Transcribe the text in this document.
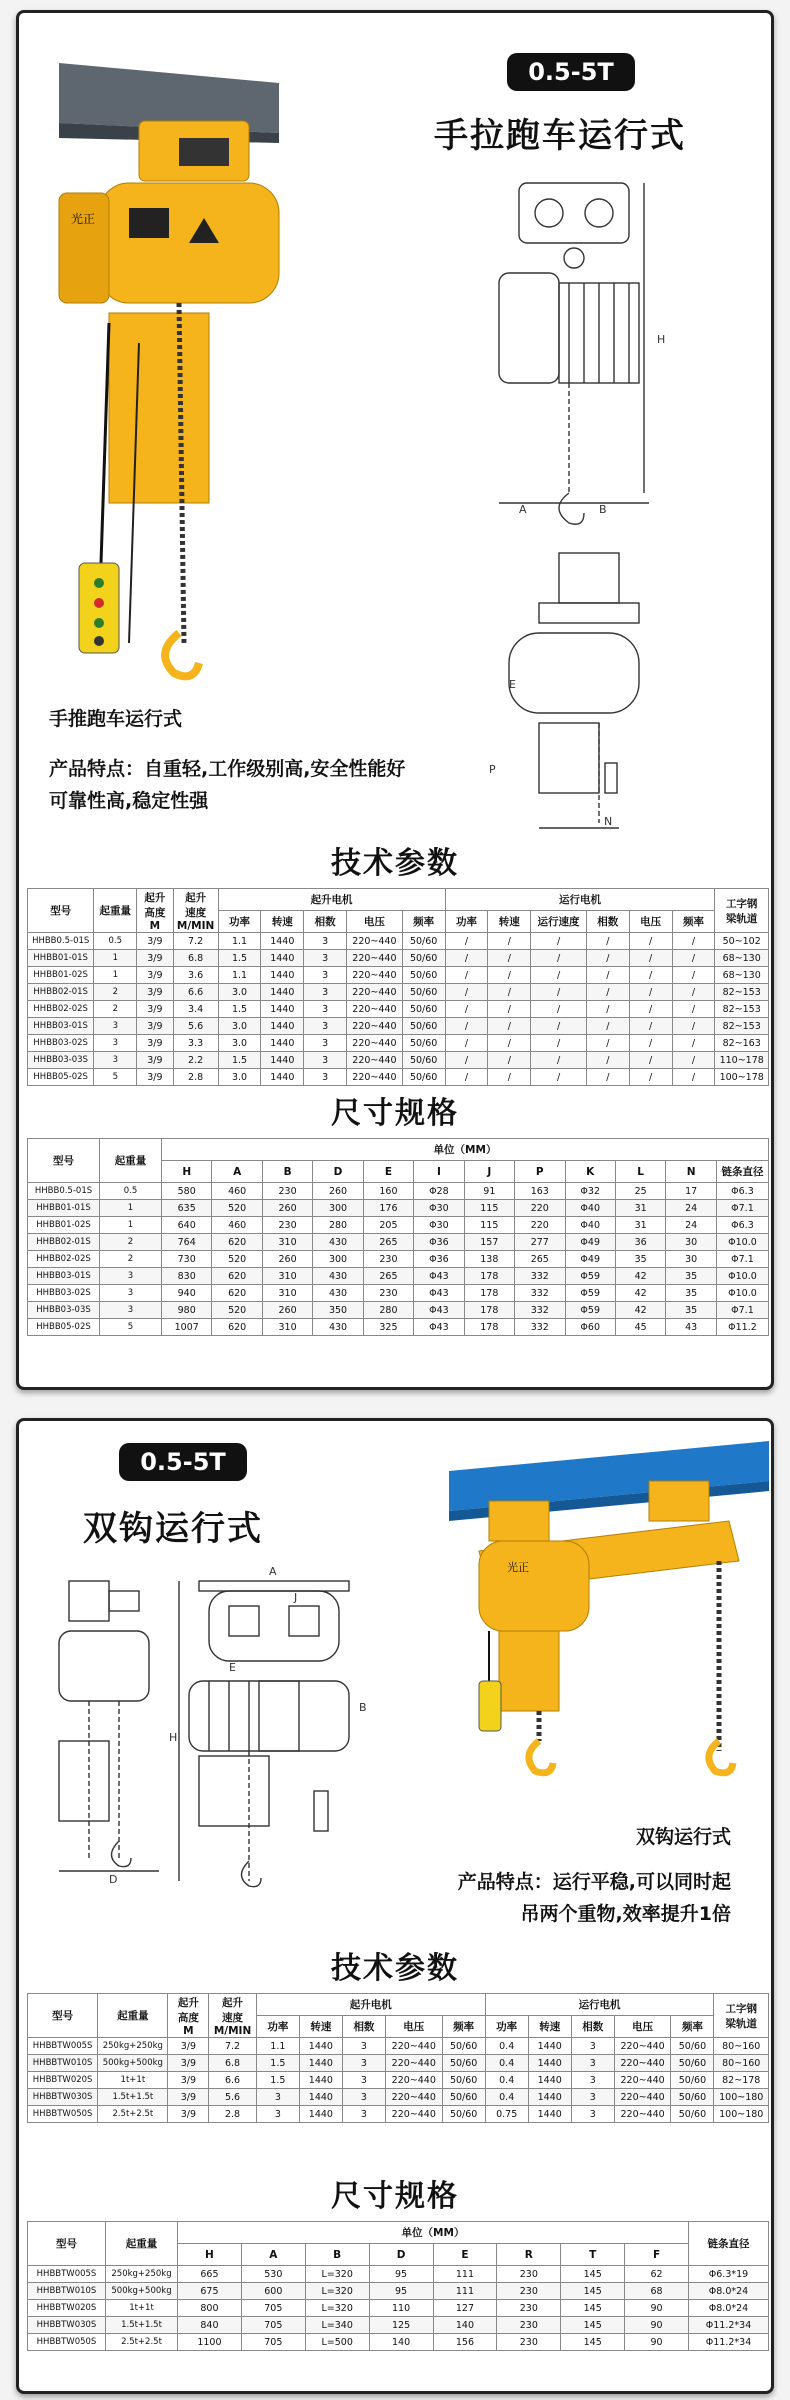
光正
0.5-5T
手拉跑车运行式
H
B
A
E
N
P
手推跑车运行式
产品特点：自重轻,工作级别高,安全性能好
可靠性高,稳定性强
技术参数
型号	起重量	起升
高度
M	起升
速度
M/MIN	起升电机					运行电机						工字钢
梁轨道
				功率	转速	相数	电压	频率	功率	转速	运行速度	相数	电压	频率	
HHBB0.5-01S	0.5	3/9	7.2	1.1	1440	3	220~440	50/60	/	/	/	/	/	/	50~102
HHBB01-01S	1	3/9	6.8	1.5	1440	3	220~440	50/60	/	/	/	/	/	/	68~130
HHBB01-02S	1	3/9	3.6	1.1	1440	3	220~440	50/60	/	/	/	/	/	/	68~130
HHBB02-01S	2	3/9	6.6	3.0	1440	3	220~440	50/60	/	/	/	/	/	/	82~153
HHBB02-02S	2	3/9	3.4	1.5	1440	3	220~440	50/60	/	/	/	/	/	/	82~153
HHBB03-01S	3	3/9	5.6	3.0	1440	3	220~440	50/60	/	/	/	/	/	/	82~153
HHBB03-02S	3	3/9	3.3	3.0	1440	3	220~440	50/60	/	/	/	/	/	/	82~163
HHBB03-03S	3	3/9	2.2	1.5	1440	3	220~440	50/60	/	/	/	/	/	/	110~178
HHBB05-02S	5	3/9	2.8	3.0	1440	3	220~440	50/60	/	/	/	/	/	/	100~178
尺寸规格
型号	起重量	单位（MM）											
		H	A	B	D	E	I	J	P	K	L	N	链条直径
HHBB0.5-01S	0.5	580	460	230	260	160	Φ28	91	163	Φ32	25	17	Φ6.3
HHBB01-01S	1	635	520	260	300	176	Φ30	115	220	Φ40	31	24	Φ7.1
HHBB01-02S	1	640	460	230	280	205	Φ30	115	220	Φ40	31	24	Φ6.3
HHBB02-01S	2	764	620	310	430	265	Φ36	157	277	Φ49	36	30	Φ10.0
HHBB02-02S	2	730	520	260	300	230	Φ36	138	265	Φ49	35	30	Φ7.1
HHBB03-01S	3	830	620	310	430	265	Φ43	178	332	Φ59	42	35	Φ10.0
HHBB03-02S	3	940	620	310	430	230	Φ43	178	332	Φ59	42	35	Φ10.0
HHBB03-03S	3	980	520	260	350	280	Φ43	178	332	Φ59	42	35	Φ7.1
HHBB05-02S	5	1007	620	310	430	325	Φ43	178	332	Φ60	45	43	Φ11.2
0.5-5T
双钩运行式
A
J
H
E
B
D
光正
双钩运行式
产品特点：运行平稳,可以同时起
吊两个重物,效率提升1倍
技术参数
型号	起重量	起升
高度
M	起升
速度
M/MIN	起升电机					运行电机					工字钢
梁轨道
				功率	转速	相数	电压	频率	功率	转速	相数	电压	频率	
HHBBTW005S	250kg+250kg	3/9	7.2	1.1	1440	3	220~440	50/60	0.4	1440	3	220~440	50/60	80~160
HHBBTW010S	500kg+500kg	3/9	6.8	1.5	1440	3	220~440	50/60	0.4	1440	3	220~440	50/60	80~160
HHBBTW020S	1t+1t	3/9	6.6	1.5	1440	3	220~440	50/60	0.4	1440	3	220~440	50/60	82~178
HHBBTW030S	1.5t+1.5t	3/9	5.6	3	1440	3	220~440	50/60	0.4	1440	3	220~440	50/60	100~180
HHBBTW050S	2.5t+2.5t	3/9	2.8	3	1440	3	220~440	50/60	0.75	1440	3	220~440	50/60	100~180
尺寸规格
型号	起重量	单位（MM）								链条直径
		H	A	B	D	E	R	T	F	
HHBBTW005S	250kg+250kg	665	530	L=320	95	111	230	145	62	Φ6.3*19
HHBBTW010S	500kg+500kg	675	600	L=320	95	111	230	145	68	Φ8.0*24
HHBBTW020S	1t+1t	800	705	L=320	110	127	230	145	90	Φ8.0*24
HHBBTW030S	1.5t+1.5t	840	705	L=340	125	140	230	145	90	Φ11.2*34
HHBBTW050S	2.5t+2.5t	1100	705	L=500	140	156	230	145	90	Φ11.2*34
